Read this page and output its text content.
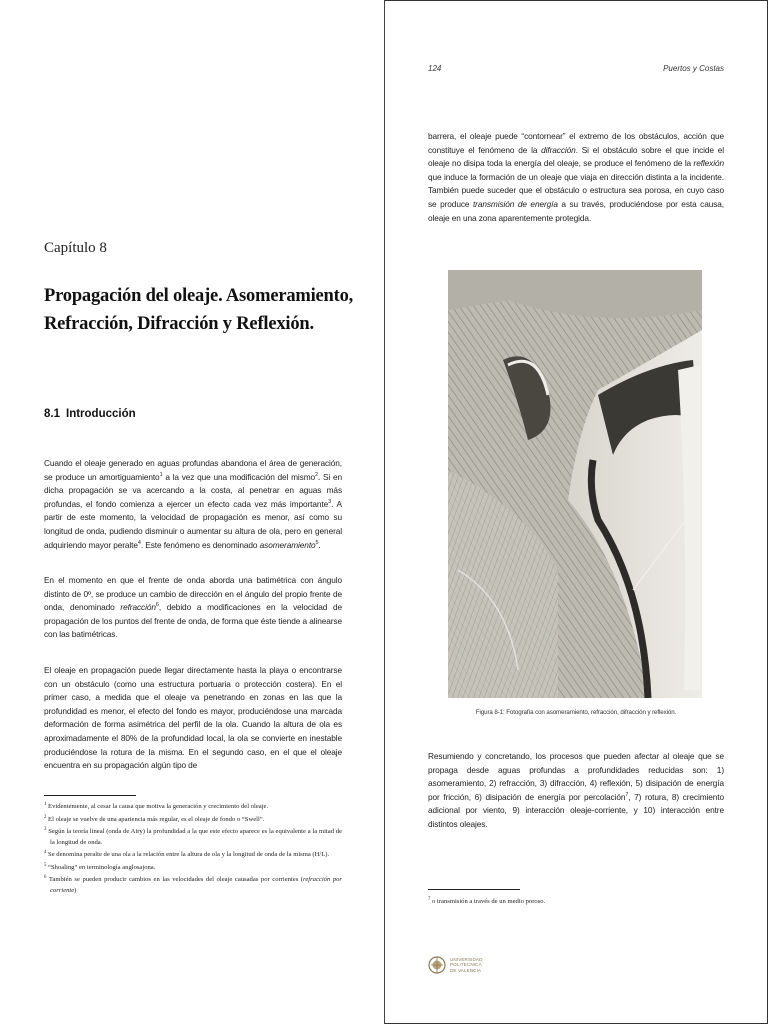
Capítulo 8
Propagación del oleaje. Asomeramiento, Refracción, Difracción y Reflexión.
8.1 Introducción

Cuando el oleaje generado en aguas profundas abandona el área de generación, se produce un amortiguamiento$^1$ a la vez que una modificación del mismo$^2$. Si en dicha propagación se va acercando a la costa, al penetrar en aguas más profundas, el fondo comienza a ejercer un efecto cada vez más importante$^3$. A partir de este momento, la velocidad de propagación es menor, así como su longitud de onda, pudiendo disminuir o aumentar su altura de ola, pero en general adquiriendo mayor peralte$^4$. Este fenómeno es denominado asomeramiento$^5$.

En el momento en que el frente de onda aborda una batimétrica con ángulo distinto de 0º, se produce un cambio de dirección en el ángulo del propio frente de onda, denominado refracción$^6$, debido a modificaciones en la velocidad de propagación de los puntos del frente de onda, de forma que éste tiende a alinearse con las batimétricas.

El oleaje en propagación puede llegar directamente hasta la playa o encontrarse con un obstáculo (como una estructura portuaria o protección costera). En el primer caso, a medida que el oleaje va penetrando en zonas en las que la profundidad es menor, el efecto del fondo es mayor, produciéndose una marcada deformación de forma asimétrica del perfil de la ola. Cuando la altura de ola es aproximadamente el 80% de la profundidad local, la ola se convierte en inestable produciéndose la rotura de la misma. En el segundo caso, en el que el oleaje encuentra en su propagación algún tipo de

$^1$ Evidentemente, al cesar la causa que motiva la generación y crecimiento del oleaje.
$^2$ El oleaje se vuelve de una apariencia más regular, es el oleaje de fondo o “Swell”.
$^3$ Según la teoría lineal (onda de Airy) la profundidad a la que este efecto aparece es la equivalente a la mitad de la longitud de onda.
$^4$ Se denomina peralte de una ola a la relación entre la altura de ola y la longitud de onda de la misma (H/L).
$^5$ “Shoaling” en terminología anglosajona.
$^6$ También se pueden producir cambios en las velocidades del oleaje causadas por corrientes (refracción por corriente)
124	Puertos y Costas

barrera, el oleaje puede “contornear” el extremo de los obstáculos, acción que constituye el fenómeno de la difracción. Si el obstáculo sobre el que incide el oleaje no disipa toda la energía del oleaje, se produce el fenómeno de la reflexión que induce la formación de un oleaje que viaja en dirección distinta a la incidente. También puede suceder que el obstáculo o estructura sea porosa, en cuyo caso se produce transmisión de energía a su través, produciéndose por esta causa, oleaje en una zona aparentemente protegida.

Figura 8-1: Fotografía con asomeramiento, refracción, difracción y reflexión.

Resumiendo y concretando, los procesos que pueden afectar al oleaje que se propaga desde aguas profundas a profundidades reducidas son: 1) asomeramiento, 2) refracción, 3) difracción, 4) reflexión, 5) disipación de energía por fricción, 6) disipación de energía por percolación$^7$, 7) rotura, 8) crecimiento adicional por viento, 9) interacción oleaje-corriente, y 10) interacción entre distintos oleajes.

$^7$ o transmisión a través de un medio poroso.

UNIVERSIDAD
POLITECNICA
DE VALENCIA
